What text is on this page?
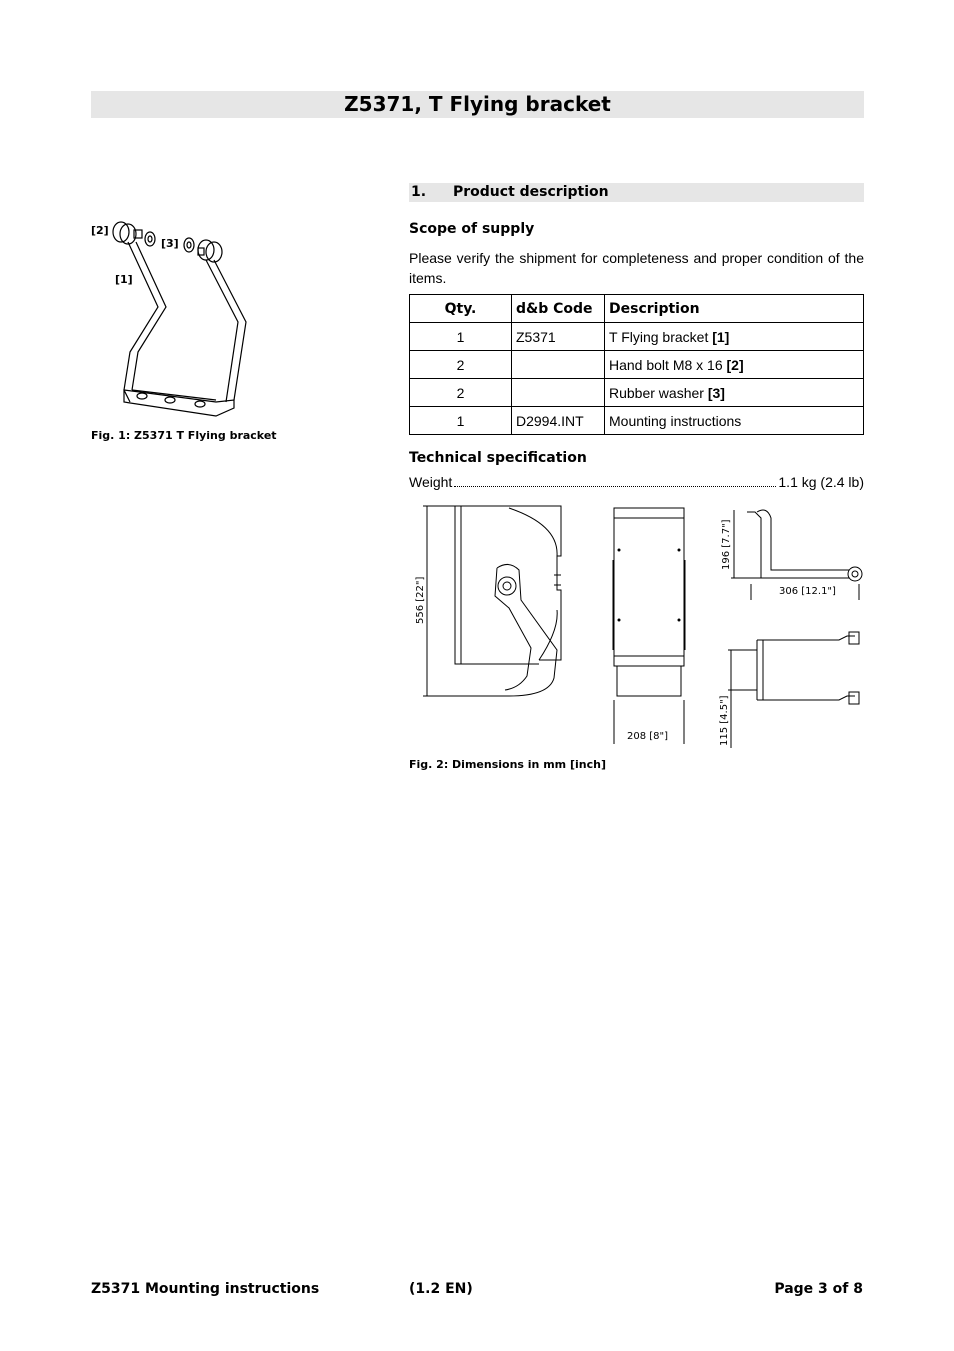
Z5371, T Flying bracket
[2]
[3]
[1]
Fig. 1: Z5371 T Flying bracket
1. Product description
Scope of supply
Please verify the shipment for completeness and proper condition of the items.
Qty.	d&b Code	Description
1	Z5371	T Flying bracket [1]
2		Hand bolt M8 x 16 [2]
2		Rubber washer [3]
1	D2994.INT	Mounting instructions
Technical specification
Weight	1.1 kg (2.4 lb)
556 [22"]
208 [8"]
196 [7.7"]
306 [12.1"]
115 [4.5"]
Fig. 2: Dimensions in mm [inch]
Z5371 Mounting instructions	(1.2 EN)	Page 3 of 8
